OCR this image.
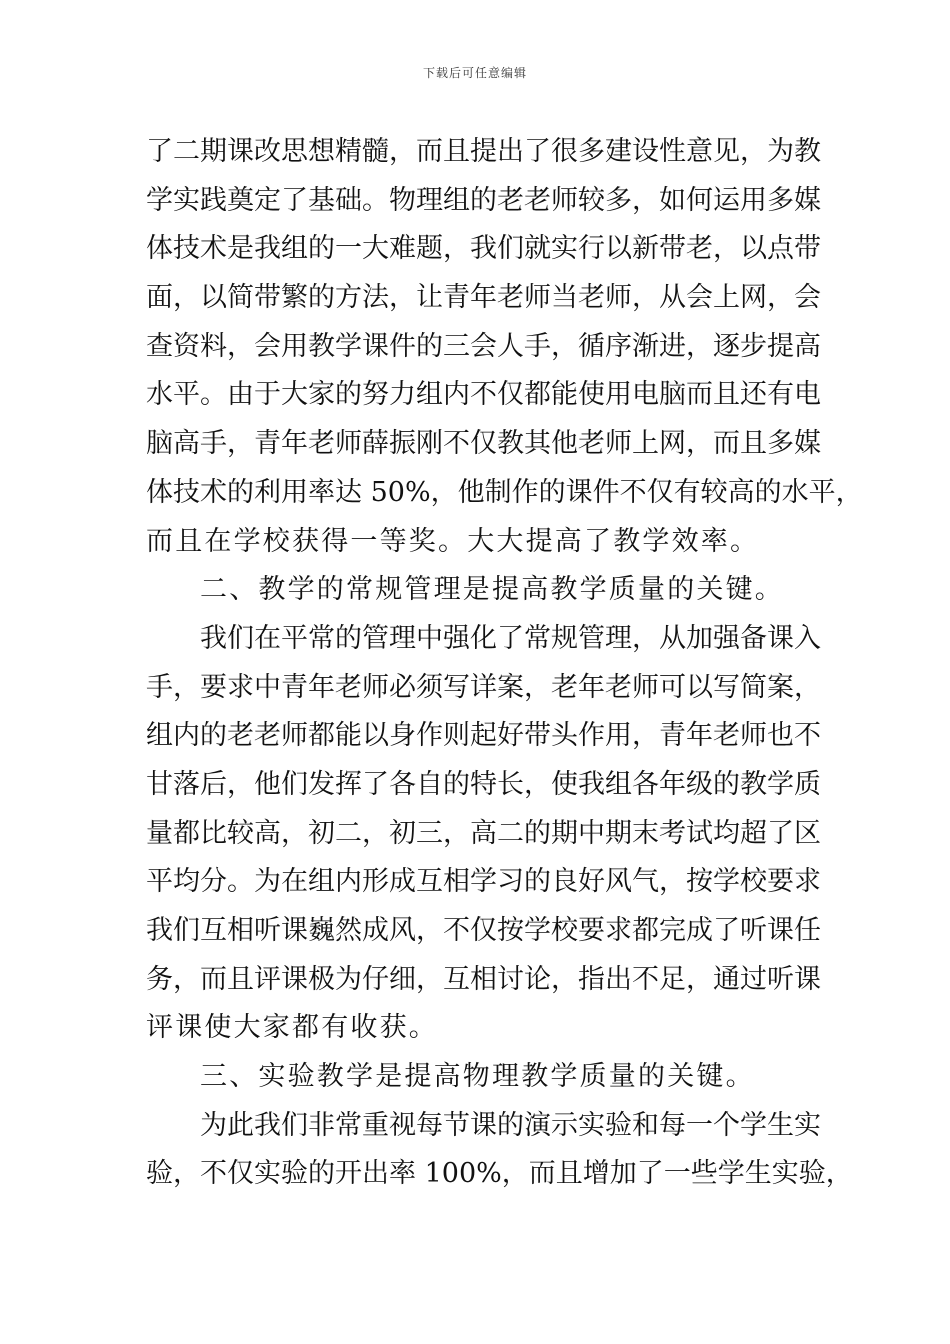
下载后可任意编辑
了二期课改思想精髓，而且提出了很多建设性意见，为教
学实践奠定了基础。物理组的老老师较多，如何运用多媒
体技术是我组的一大难题，我们就实行以新带老，以点带
面，以简带繁的方法，让青年老师当老师，从会上网，会
查资料，会用教学课件的三会人手，循序渐进，逐步提高
水平。由于大家的努力组内不仅都能使用电脑而且还有电
脑高手，青年老师薛振刚不仅教其他老师上网，而且多媒
体技术的利用率达 50%，他制作的课件不仅有较高的水平，
而且在学校获得一等奖。大大提高了教学效率。
二、教学的常规管理是提高教学质量的关键。
我们在平常的管理中强化了常规管理，从加强备课入
手，要求中青年老师必须写详案，老年老师可以写简案，
组内的老老师都能以身作则起好带头作用，青年老师也不
甘落后，他们发挥了各自的特长，使我组各年级的教学质
量都比较高，初二，初三，高二的期中期末考试均超了区
平均分。为在组内形成互相学习的良好风气，按学校要求
我们互相听课巍然成风，不仅按学校要求都完成了听课任
务，而且评课极为仔细，互相讨论，指出不足，通过听课
评课使大家都有收获。
三、实验教学是提高物理教学质量的关键。
为此我们非常重视每节课的演示实验和每一个学生实
验，不仅实验的开出率 100%，而且增加了一些学生实验，
